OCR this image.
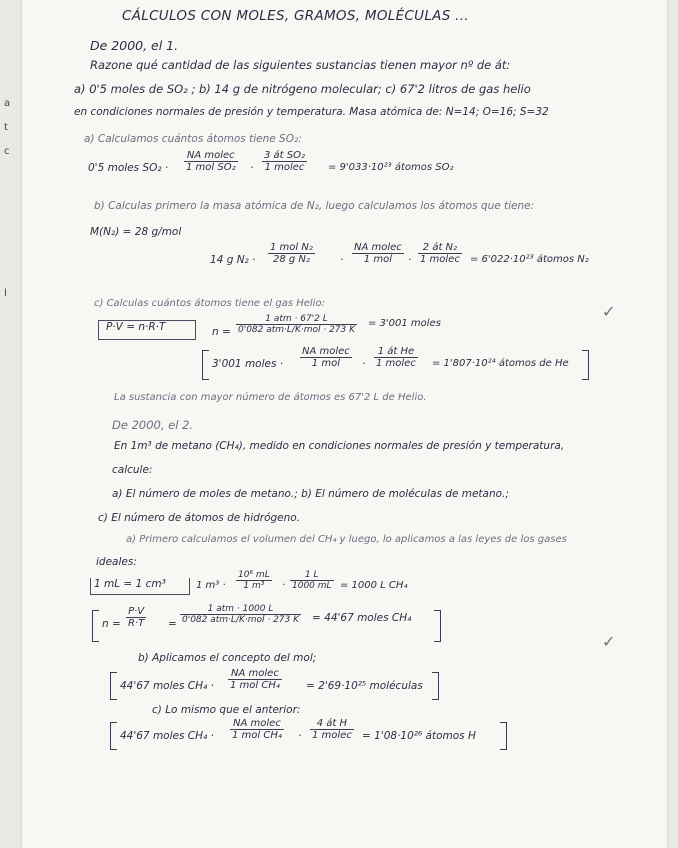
a
t
c
l
CÁLCULOS CON MOLES, GRAMOS, MOLÉCULAS ...
De 2000, el 1.
Razone qué cantidad de las siguientes sustancias tienen mayor nº de át:
a) 0'5 moles de SO₂ ; b) 14 g de nitrógeno molecular; c) 67'2 litros de gas helio
en condiciones normales de presión y temperatura. Masa atómica de: N=14; O=16; S=32
a) Calculamos cuántos átomos tiene SO₂:
0'5 moles SO₂ ·
NA molec
1 mol SO₂ ·
3 át SO₂
1 molec = 9'033·10²³ átomos SO₂
b) Calculas primero la masa atómica de N₂, luego calculamos los átomos que tiene:
M(N₂) = 28 g/mol
14 g N₂ ·
1 mol N₂
28 g N₂	·
NA molec
1 mol	·
2 át N₂
1 molec = 6'022·10²³ átomos N₂
c) Calculas cuántos átomos tiene el gas Helio:
P·V = n·R·T	n =
1 atm · 67'2 L
0'082 atm·L/K·mol · 273 K
= 3'001 moles
✓
3'001 moles ·
NA molec
1 mol	·
1 át He
1 molec = 1'807·10²⁴ átomos de He
La sustancia con mayor número de átomos es 67'2 L de Helio.
De 2000, el 2.
En 1m³ de metano (CH₄), medido en condiciones normales de presión y temperatura,
calcule:
a) El número de moles de metano.; b) El número de moléculas de metano.;
c) El número de átomos de hidrógeno.
a) Primero calculamos el volumen del CH₄ y luego, lo aplicamos a las leyes de los gases
ideales:
1 mL = 1 cm³	1 $m^3 \cdot \frac{\text{10⁶ mL}}{\text{1 m³}} \cdot \frac{1 L}{1000 mL} = 1000$ L CH₄
$n = \frac{P\cdot V}{R\cdot T}$ =
1 atm · 1000 L
0'082 atm·L/K·mol · 273 K = 44'67 moles CH₄
✓
b) Aplicamos el concepto del mol;
44'67 moles CH₄ ·
NA molec
1 mol CH₄ = 2'69·10²⁵ moléculas
c) Lo mismo que el anterior:
44'67 moles CH₄ ·
NA molec
1 mol CH₄ ·
4 át H
1 molec = 1'08·10²⁶ átomos H
